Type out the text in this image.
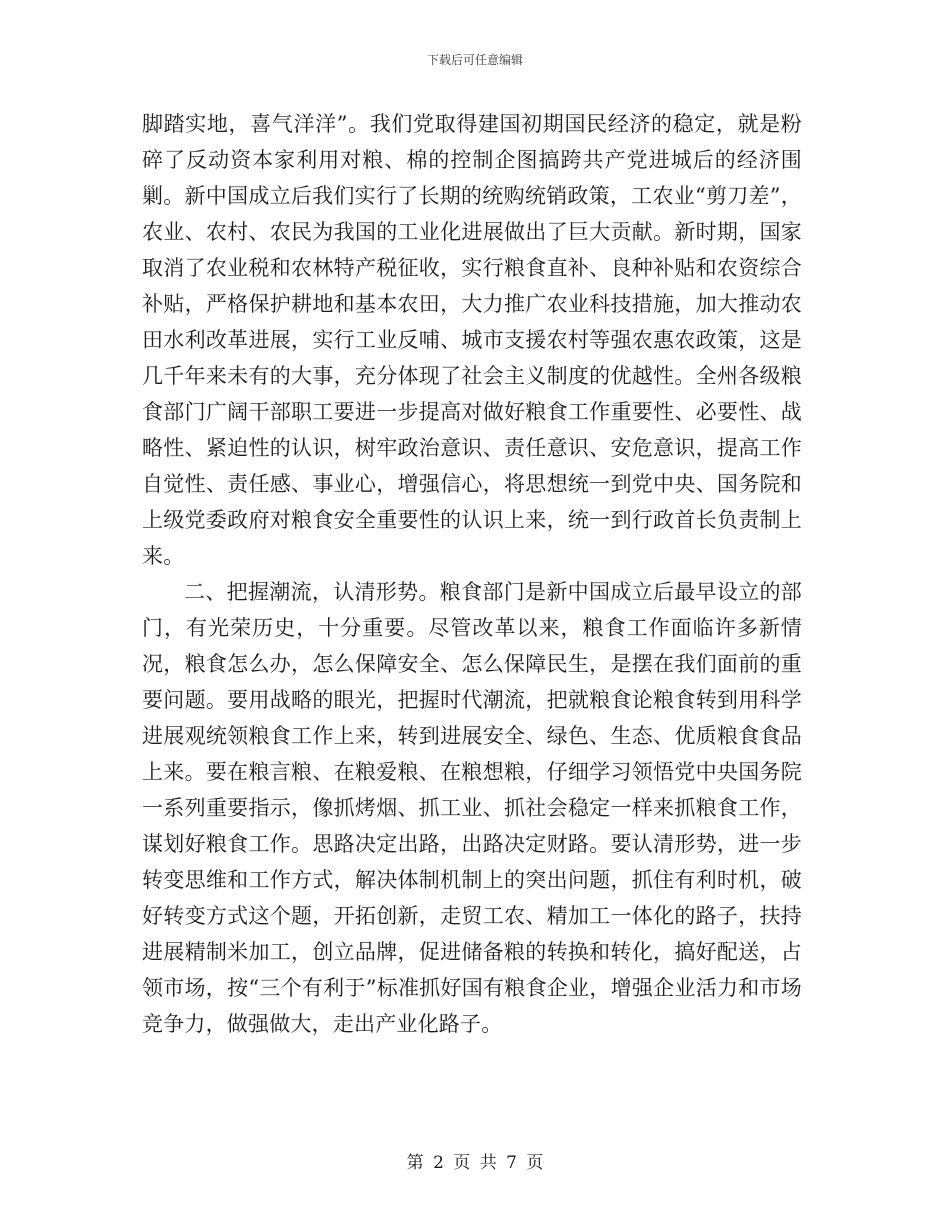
下载后可任意编辑

脚踏实地，喜气洋洋”。我们党取得建国初期国民经济的稳定，就是粉碎了反动资本家利用对粮、棉的控制企图搞跨共产党进城后的经济围剿。新中国成立后我们实行了长期的统购统销政策，工农业“剪刀差”，农业、农村、农民为我国的工业化进展做出了巨大贡献。新时期，国家取消了农业税和农林特产税征收，实行粮食直补、良种补贴和农资综合补贴，严格保护耕地和基本农田，大力推广农业科技措施，加大推动农田水利改革进展，实行工业反哺、城市支援农村等强农惠农政策，这是几千年来未有的大事，充分体现了社会主义制度的优越性。全州各级粮食部门广阔干部职工要进一步提高对做好粮食工作重要性、必要性、战略性、紧迫性的认识，树牢政治意识、责任意识、安危意识，提高工作自觉性、责任感、事业心，增强信心，将思想统一到党中央、国务院和上级党委政府对粮食安全重要性的认识上来，统一到行政首长负责制上来。

二、把握潮流，认清形势。粮食部门是新中国成立后最早设立的部门，有光荣历史，十分重要。尽管改革以来，粮食工作面临许多新情况，粮食怎么办，怎么保障安全、怎么保障民生，是摆在我们面前的重要问题。要用战略的眼光，把握时代潮流，把就粮食论粮食转到用科学进展观统领粮食工作上来，转到进展安全、绿色、生态、优质粮食食品上来。要在粮言粮、在粮爱粮、在粮想粮，仔细学习领悟党中央国务院一系列重要指示，像抓烤烟、抓工业、抓社会稳定一样来抓粮食工作，谋划好粮食工作。思路决定出路，出路决定财路。要认清形势，进一步转变思维和工作方式，解决体制机制上的突出问题，抓住有利时机，破好转变方式这个题，开拓创新，走贸工农、精加工一体化的路子，扶持进展精制米加工，创立品牌，促进储备粮的转换和转化，搞好配送，占领市场，按“三个有利于”标准抓好国有粮食企业，增强企业活力和市场竞争力，做强做大，走出产业化路子。

第 2 页 共 7 页
